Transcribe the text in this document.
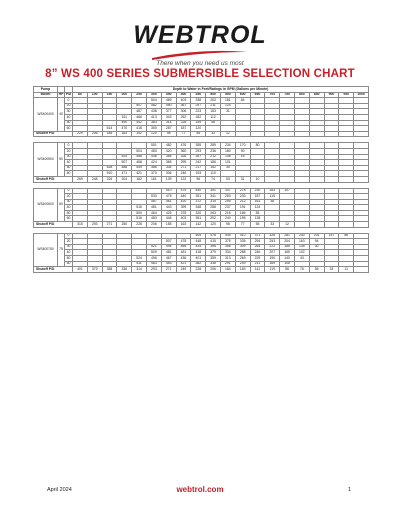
WEBTROL
There when you need us most
8” WS 400 SERIES SUBMERSIBLE SELECTION CHART
Pump			Depth to Water in Feet/Ratings in GPM (Gallons per Minute)																			
Model	HP	PSI	80	100	150	200	250	300	350	400	450	500	550	600	650	700	750	800	850	900	950	1000
WS400400	40	0						504	469	403	338	263	181	84								
		20					507	482	450	367	297	211	124									
		30					487	438	377	306	223	153	31									
		40				511	466	413	343	262	182	112										
		50				490	442	383	314	228	159	48										
		60			514	470	418	350	287	187	120											
Shutoff PSI			229	206	185	163	142	120	98	77	55	33	12									

WS400500	50	0						501	482	476	355	289	234	170	80							
		20					504	483	420	360	293	236	180	90								
		30				524	488	446	384	326	267	212	148	16								
		40				507	468	424	365	299	242	186	101									
		50			528	488	449	386	334	271	217	152	30									
		60			510	471	421	370	306	246	193	110										
Shutoff PSI			269	248	226	204	182	161	139	122	96	74	53	31	10							

WS400600	60	0							510	475	440	391	337	278	230	183	107					
		20						533	475	440	391	341	283	233	187	115						
		30						487	461	420	372	315	259	212	161	38						
		40					516	481	443	399	348	288	237	191	124							
		50					500	464	425	378	320	263	216	166	55							
		60					516	483	446	403	351	292	240	195	128							
Shutoff PSI			315	293	271	250	228	206	185	163	142	120	98	77	55	33	12					

WS400750	75	0									505	478	449	410	371	328	281	240	201	157	86	
		20							507	478	448	415	375	335	294	253	204	163	94			
		30						521	494	465	434	396	355	309	264	222	186	135	30			
		40						509	481	451	418	379	334	288	246	207	165	102				
		50					524	496	467	436	401	359	313	269	229	190	140	43				
		60					511	483	453	421	382	338	291	249	211	169	108					
Shutoff PSI			401	379	358	336	314	293	271	249	228	206	184	163	141	119	98	76	55	33	11	
April 2024	webtrol.com	1
